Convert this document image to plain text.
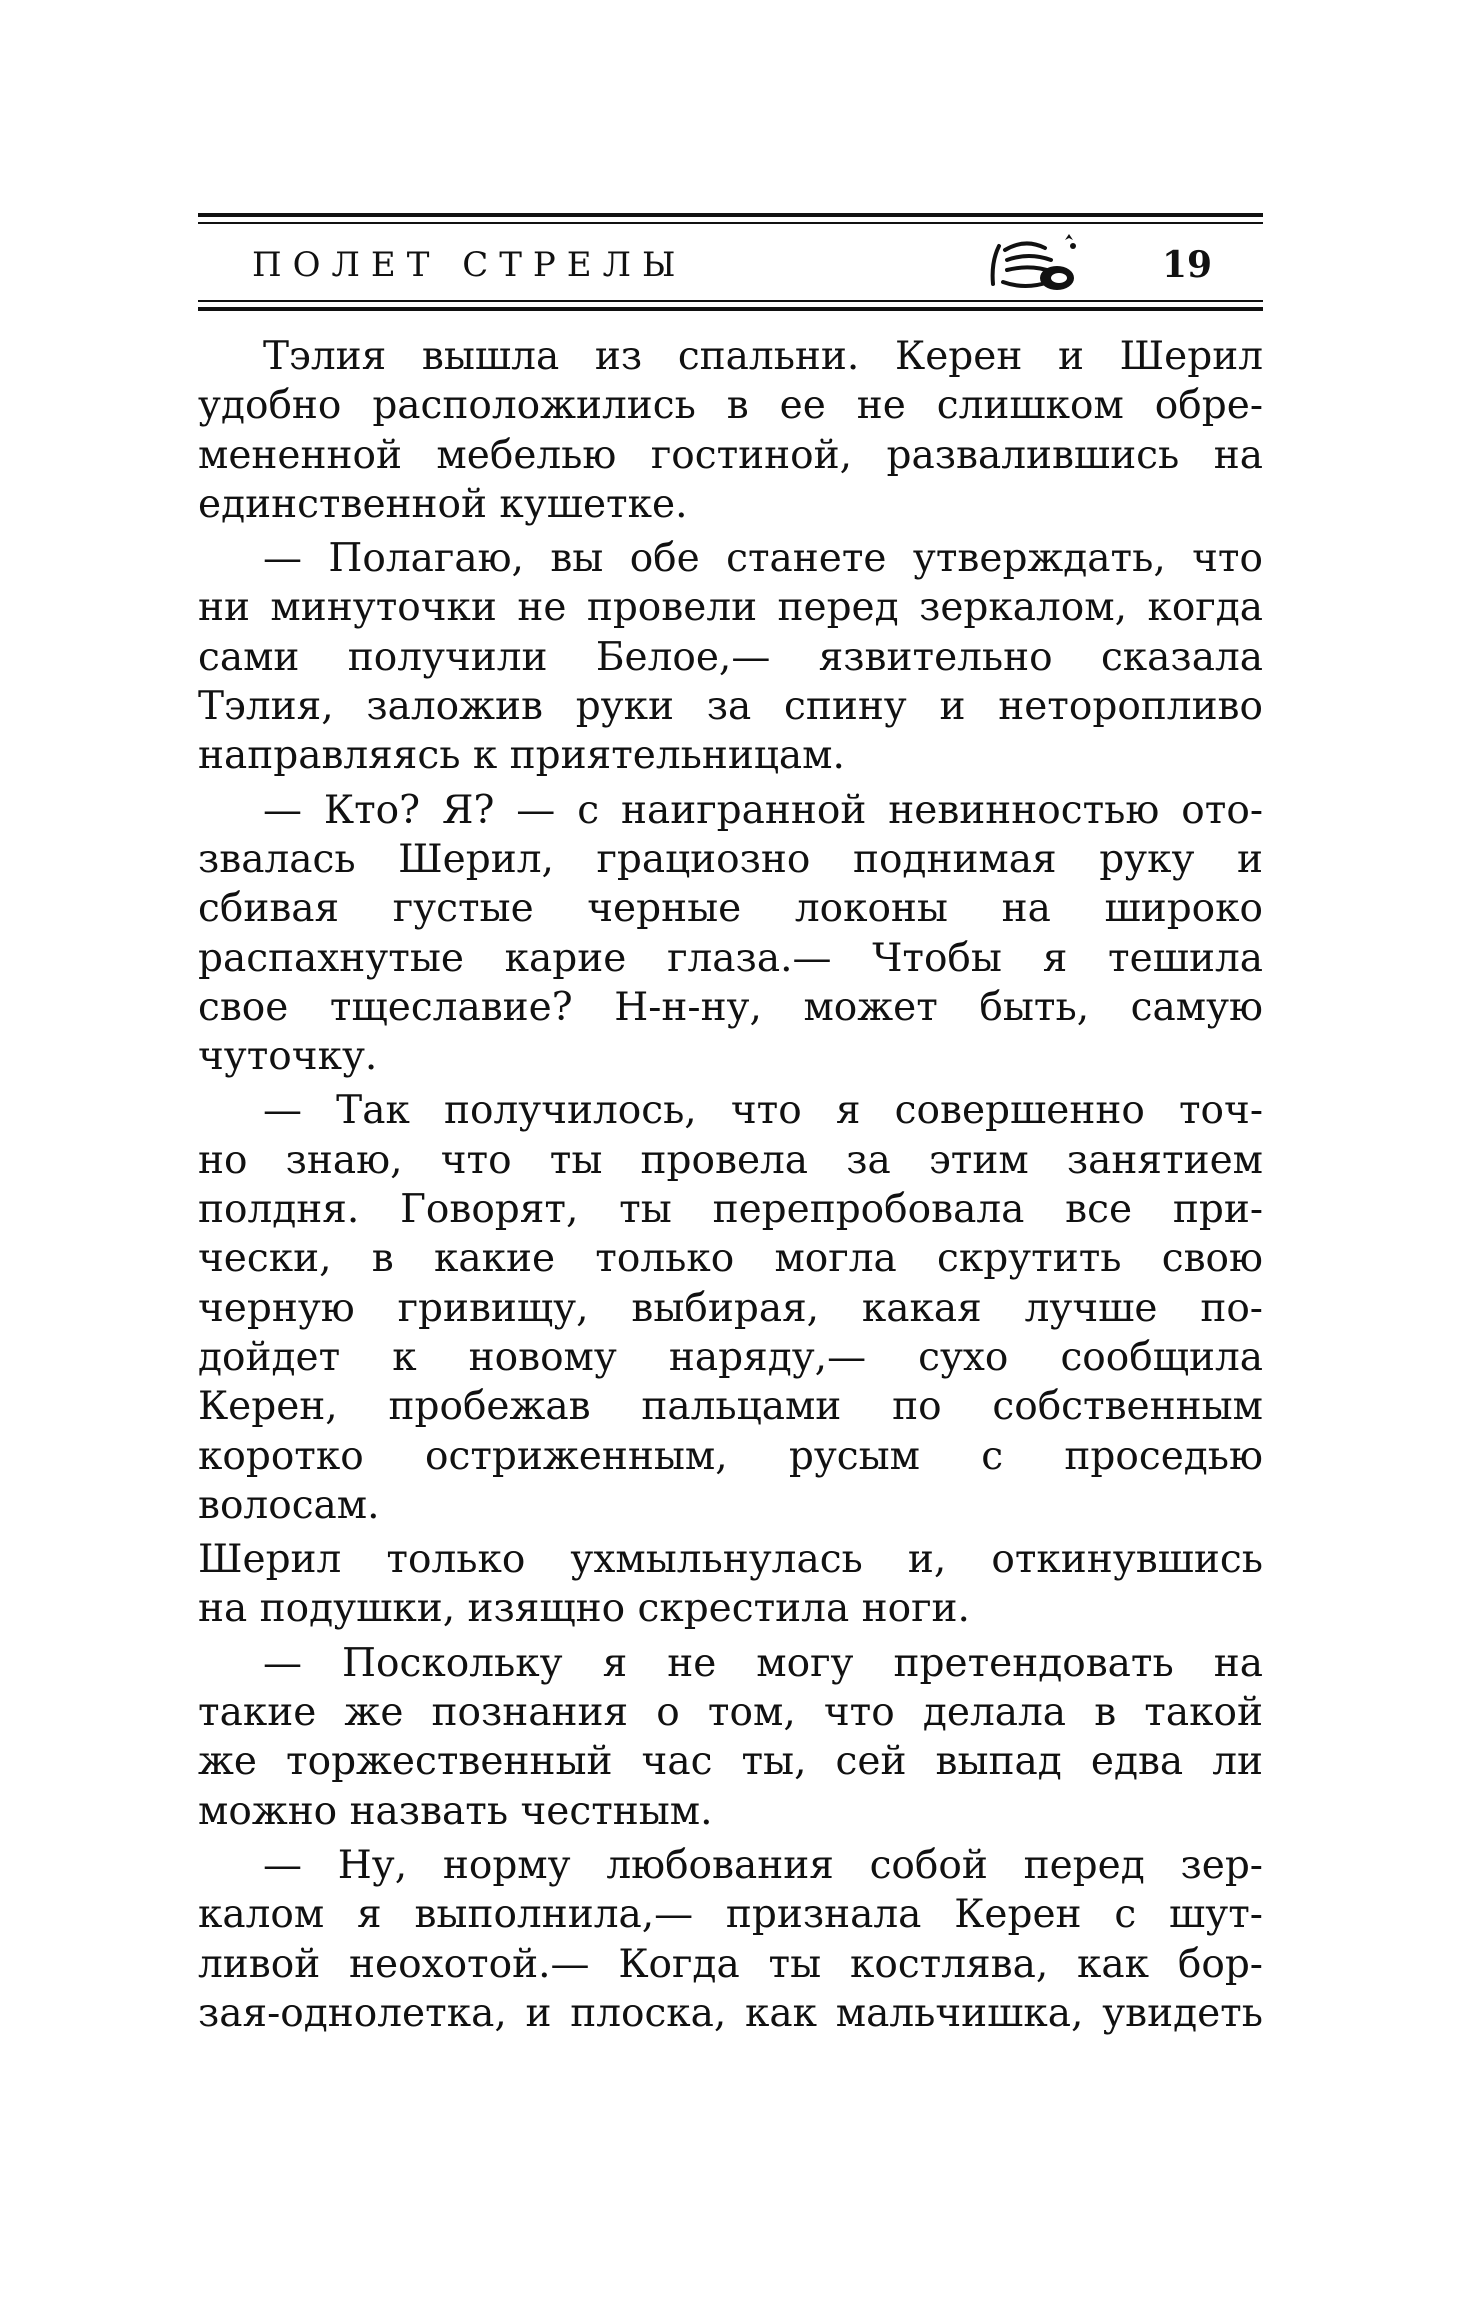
ПОЛЕТ СТРЕЛЫ	19
Тэлия вышла из спальни. Керен и Шерил
удобно расположились в ее не слишком обре-
мененной мебелью гостиной, развалившись на
единственной кушетке.
— Полагаю, вы обе станете утверждать, что
ни минуточки не провели перед зеркалом, когда
сами получили Белое,— язвительно сказала
Тэлия, заложив руки за спину и неторопливо
направляясь к приятельницам.
— Кто? Я? — с наигранной невинностью ото-
звалась Шерил, грациозно поднимая руку и
сбивая густые черные локоны на широко
распахнутые карие глаза.— Чтобы я тешила
свое тщеславие? Н-н-ну, может быть, самую
чуточку.
— Так получилось, что я совершенно точ-
но знаю, что ты провела за этим занятием
полдня. Говорят, ты перепробовала все при-
чески, в какие только могла скрутить свою
черную гривищу, выбирая, какая лучше по-
дойдет к новому наряду,— сухо сообщила
Керен, пробежав пальцами по собственным
коротко остриженным, русым с проседью
волосам.
Шерил только ухмыльнулась и, откинувшись
на подушки, изящно скрестила ноги.
— Поскольку я не могу претендовать на
такие же познания о том, что делала в такой
же торжественный час ты, сей выпад едва ли
можно назвать честным.
— Ну, норму любования собой перед зер-
калом я выполнила,— признала Керен с шут-
ливой неохотой.— Когда ты костлява, как бор-
зая-однолетка, и плоска, как мальчишка, увидеть
